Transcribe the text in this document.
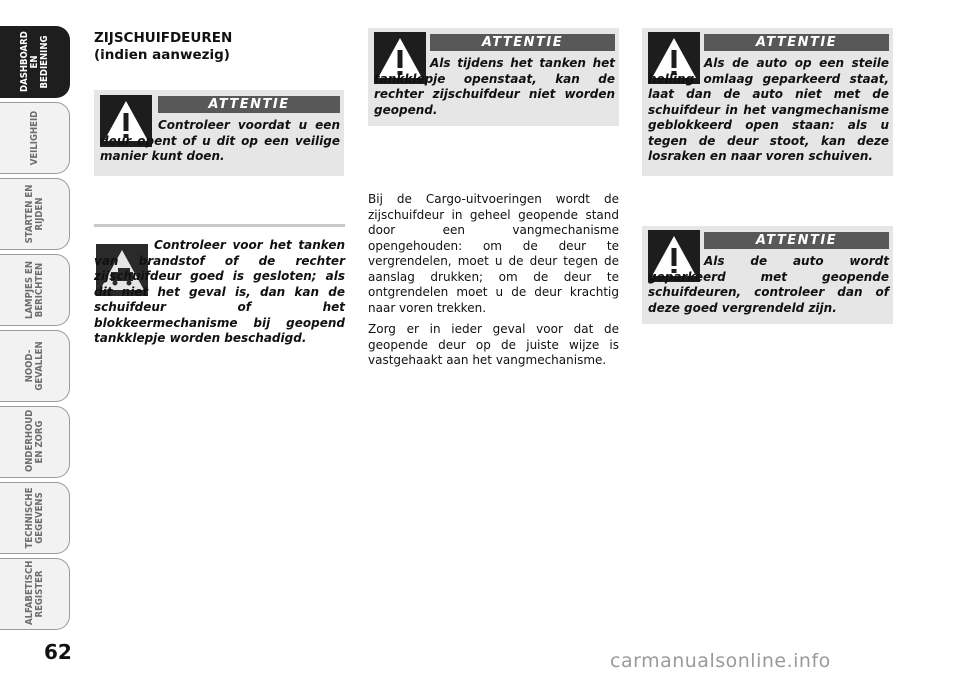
DASHBOARD EN BEDIENING
VEILIGHEID
STARTEN EN RIJDEN
LAMPJES EN BERICHTEN
NOOD- GEVALLEN
ONDERHOUD EN ZORG
TECHNISCHE GEGEVENS
ALFABETISCH REGISTER
62
ZIJSCHUIFDEUREN
(indien aanwezig)
ATTENTIE
Controleer voordat u een deur opent of u dit op een veilige manier kunt doen.
Controleer voor het tanken van brandstof of de rechter zijschuifdeur goed is gesloten; als dit niet het geval is, dan kan de schuifdeur of het blokkeermechanisme bij geopend tankklepje worden beschadigd.
ATTENTIE
Als tijdens het tanken het tankklepje openstaat, kan de rechter zijschuifdeur niet worden geopend.

Bij de Cargo-uitvoeringen wordt de zijschuifdeur in geheel geopende stand door een vangmechanisme opengehouden: om de deur te vergrendelen, moet u de deur tegen de aanslag drukken; om de deur te ontgrendelen moet u de deur krachtig naar voren trekken.

Zorg er in ieder geval voor dat de geopende deur op de juiste wijze is vastgehaakt aan het vangmechanisme.

ATTENTIE
Als de auto op een steile helling omlaag geparkeerd staat, laat dan de auto niet met de schuifdeur in het vangmechanisme geblokkeerd open staan: als u tegen de deur stoot, kan deze losraken en naar voren schuiven.
ATTENTIE
Als de auto wordt geparkeerd met geopende schuifdeuren, controleer dan of deze goed vergrendeld zijn.
carmanualsonline.info
